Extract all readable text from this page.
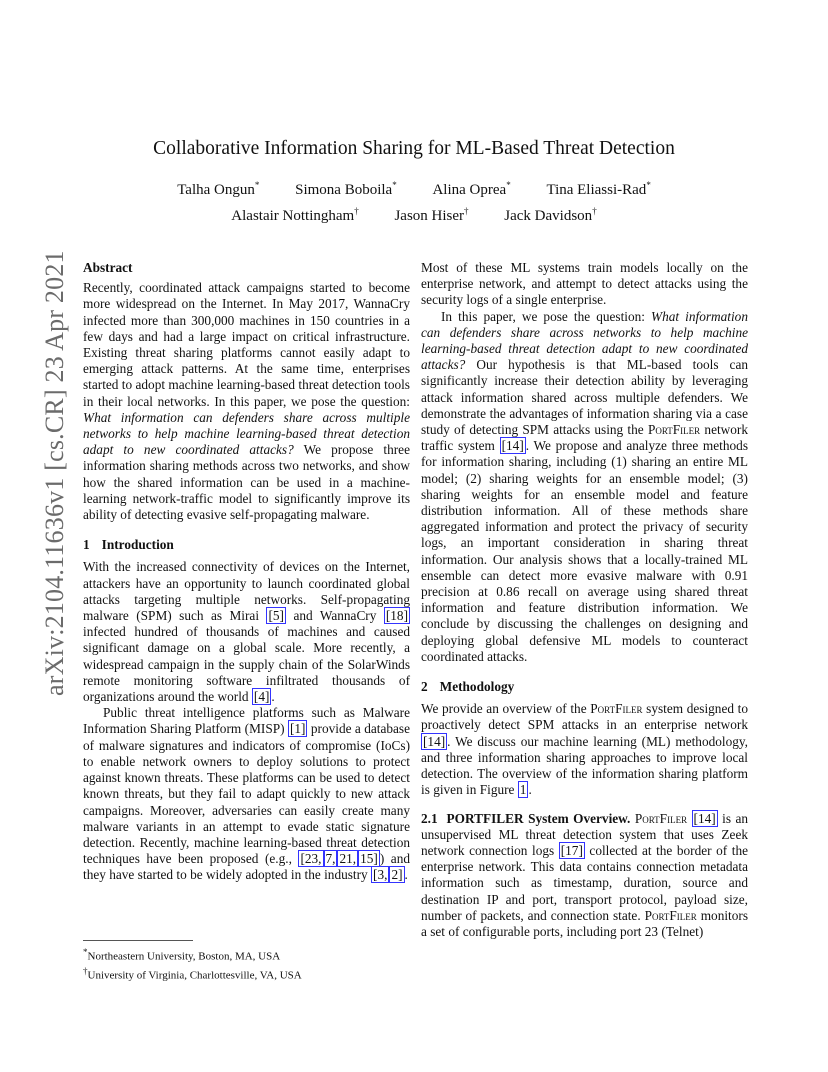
arXiv:2104.11636v1 [cs.CR] 23 Apr 2021
Collaborative Information Sharing for ML-Based Threat Detection
Talha Ongun* Simona Boboila* Alina Oprea* Tina Eliassi-Rad*
Alastair Nottingham† Jason Hiser† Jack Davidson†
Abstract

Recently, coordinated attack campaigns started to become more widespread on the Internet. In May 2017, WannaCry infected more than 300,000 machines in 150 countries in a few days and had a large impact on critical infrastructure. Existing threat sharing platforms cannot easily adapt to emerging attack patterns. At the same time, enterprises started to adopt machine learning-based threat detection tools in their local networks. In this paper, we pose the question: What information can defenders share across multiple networks to help machine learning-based threat detection adapt to new coordinated attacks? We propose three information sharing methods across two networks, and show how the shared information can be used in a machine-learning network-traffic model to significantly improve its ability of detecting evasive self-propagating malware.

1 Introduction

With the increased connectivity of devices on the Internet, attackers have an opportunity to launch coordinated global attacks targeting multiple networks. Self-propagating malware (SPM) such as Mirai [5] and WannaCry [18] infected hundred of thousands of machines and caused significant damage on a global scale. More recently, a widespread campaign in the supply chain of the SolarWinds remote monitoring software infiltrated thousands of organizations around the world [4] .

Public threat intelligence platforms such as Malware Information Sharing Platform (MISP) [1] provide a database of malware signatures and indicators of compromise (IoCs) to enable network owners to deploy solutions to protect against known threats. These platforms can be used to detect known threats, but they fail to adapt quickly to new attack campaigns. Moreover, adversaries can easily create many malware variants in an attempt to evade static signature detection. Recently, machine learning-based threat detection techniques have been proposed (e.g., [23, 7, 21, 15] ) and they have started to be widely adopted in the industry [3, 2] .

*Northeastern University, Boston, MA, USA
†University of Virginia, Charlottesville, VA, USA

Most of these ML systems train models locally on the enterprise network, and attempt to detect attacks using the security logs of a single enterprise.

In this paper, we pose the question: What information can defenders share across networks to help machine learning-based threat detection adapt to new coordinated attacks? Our hypothesis is that ML-based tools can significantly increase their detection ability by leveraging attack information shared across multiple defenders. We demonstrate the advantages of information sharing via a case study of detecting SPM attacks using the PortFiler network traffic system [14] . We propose and analyze three methods for information sharing, including (1) sharing an entire ML model; (2) sharing weights for an ensemble model; (3) sharing weights for an ensemble model and feature distribution information. All of these methods share aggregated information and protect the privacy of security logs, an important consideration in sharing threat information. Our analysis shows that a locally-trained ML ensemble can detect more evasive malware with 0.91 precision at 0.86 recall on average using shared threat information and feature distribution information. We conclude by discussing the challenges on designing and deploying global defensive ML models to counteract coordinated attacks.

2 Methodology

We provide an overview of the PortFiler system designed to proactively detect SPM attacks in an enterprise network [14] . We discuss our machine learning (ML) methodology, and three information sharing approaches to improve local detection. The overview of the information sharing platform is given in Figure 1 .

2.1 PORTFILER System Overview. PortFiler [14] is an unsupervised ML threat detection system that uses Zeek network connection logs [17] collected at the border of the enterprise network. This data contains connection metadata information such as timestamp, duration, source and destination IP and port, transport protocol, payload size, number of packets, and connection state. PortFiler monitors a set of configurable ports, including port 23 (Telnet)
